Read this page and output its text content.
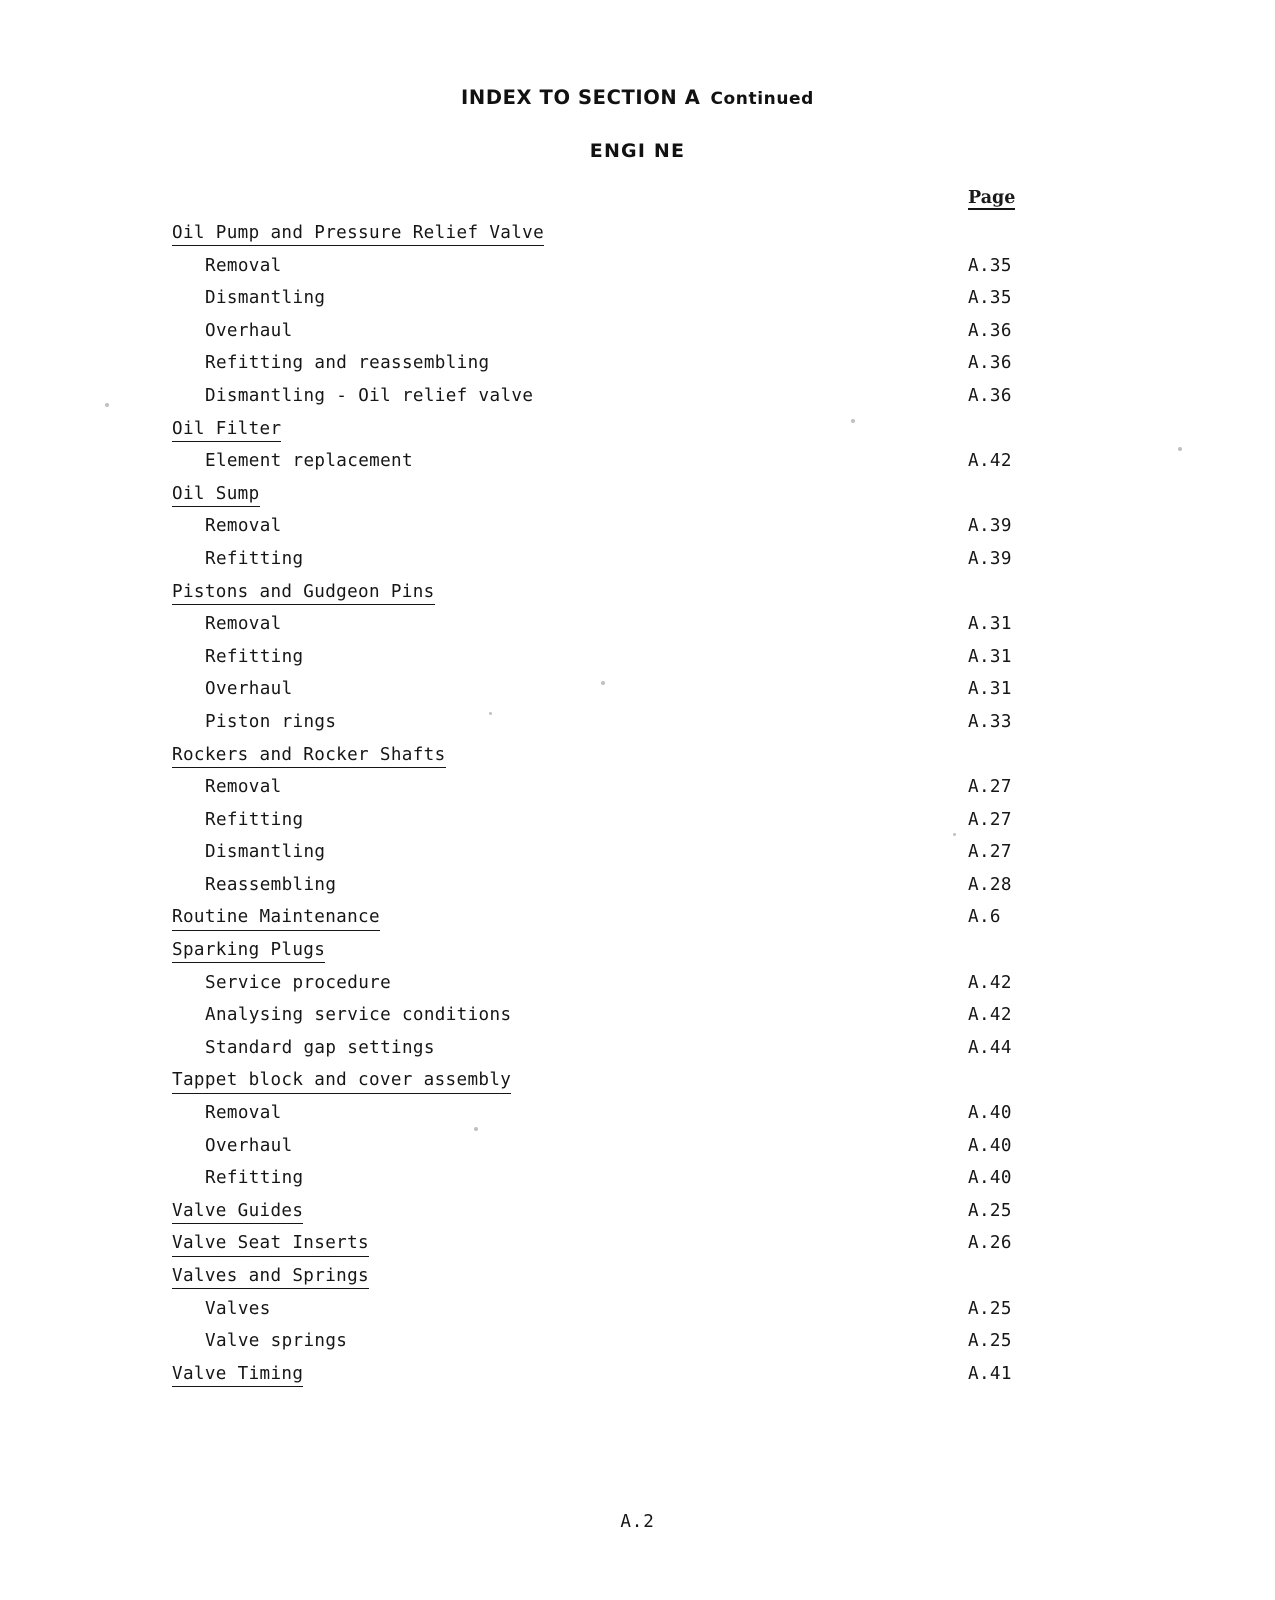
INDEX TO SECTION A Continued
ENGI NE
Page
Oil Pump and Pressure Relief Valve
Removal	A.35
Dismantling	A.35
Overhaul	A.36
Refitting and reassembling	A.36
Dismantling - Oil relief valve	A.36
Oil Filter
Element replacement	A.42
Oil Sump
Removal	A.39
Refitting	A.39
Pistons and Gudgeon Pins
Removal	A.31
Refitting	A.31
Overhaul	A.31
Piston rings	A.33
Rockers and Rocker Shafts
Removal	A.27
Refitting	A.27
Dismantling	A.27
Reassembling	A.28
Routine Maintenance	A.6
Sparking Plugs
Service procedure	A.42
Analysing service conditions	A.42
Standard gap settings	A.44
Tappet block and cover assembly
Removal	A.40
Overhaul	A.40
Refitting	A.40
Valve Guides	A.25
Valve Seat Inserts	A.26
Valves and Springs
Valves	A.25
Valve springs	A.25
Valve Timing	A.41
A.2
